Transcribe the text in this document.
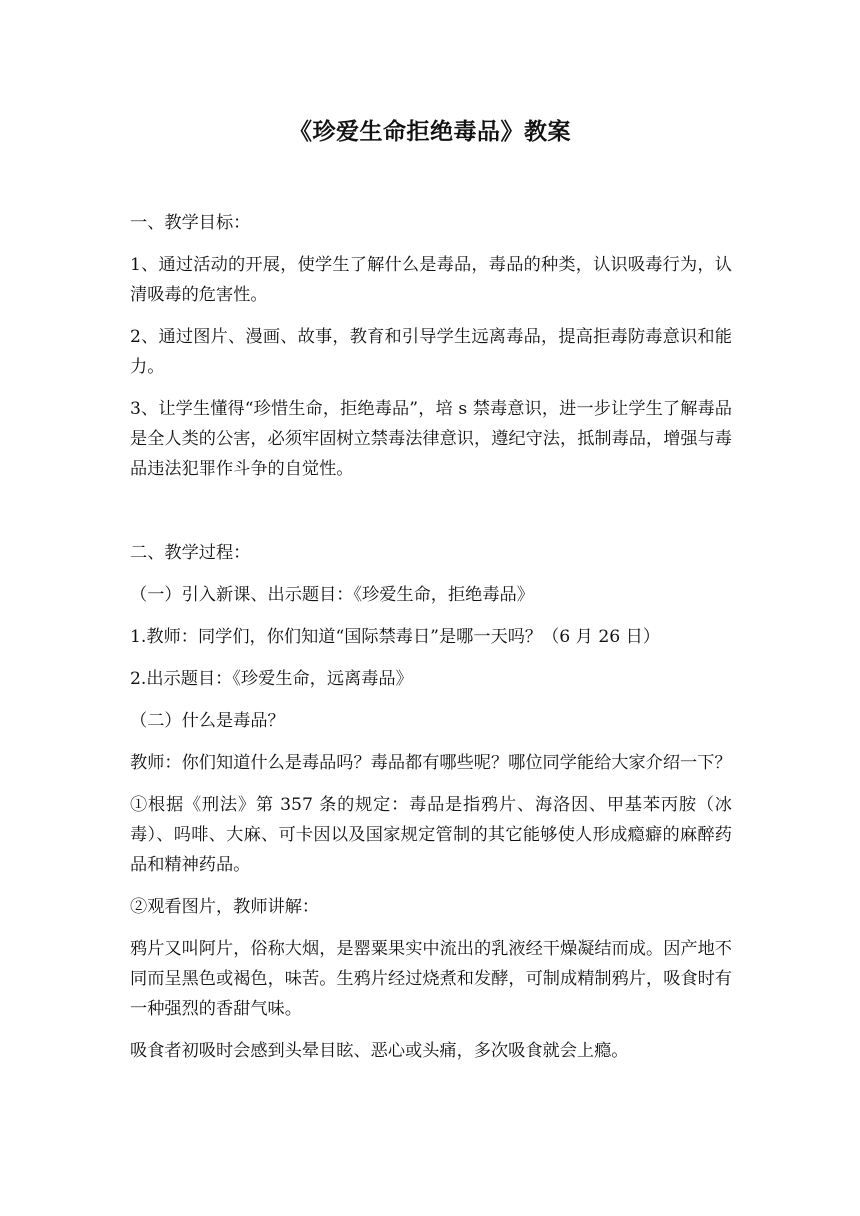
《珍爱生命拒绝毒品》教案
一、教学目标：
1、通过活动的开展，使学生了解什么是毒品，毒品的种类，认识吸毒行为，认清吸毒的危害性。
2、通过图片、漫画、故事，教育和引导学生远离毒品，提高拒毒防毒意识和能力。
3、让学生懂得“珍惜生命，拒绝毒品”，培 s 禁毒意识，进一步让学生了解毒品是全人类的公害，必须牢固树立禁毒法律意识，遵纪守法，抵制毒品，增强与毒品违法犯罪作斗争的自觉性。
二、教学过程：
（一）引入新课、出示题目：《珍爱生命，拒绝毒品》
1.教师：同学们，你们知道“国际禁毒日”是哪一天吗？（6 月 26 日）
2.出示题目：《珍爱生命，远离毒品》
（二）什么是毒品？
教师：你们知道什么是毒品吗？毒品都有哪些呢？哪位同学能给大家介绍一下？
①根据《刑法》第 357 条的规定：毒品是指鸦片、海洛因、甲基苯丙胺（冰毒）、吗啡、大麻、可卡因以及国家规定管制的其它能够使人形成瘾癖的麻醉药品和精神药品。
②观看图片，教师讲解：
鸦片又叫阿片，俗称大烟，是罂粟果实中流出的乳液经干燥凝结而成。因产地不同而呈黑色或褐色，味苦。生鸦片经过烧煮和发酵，可制成精制鸦片，吸食时有一种强烈的香甜气味。
吸食者初吸时会感到头晕目眩、恶心或头痛，多次吸食就会上瘾。
